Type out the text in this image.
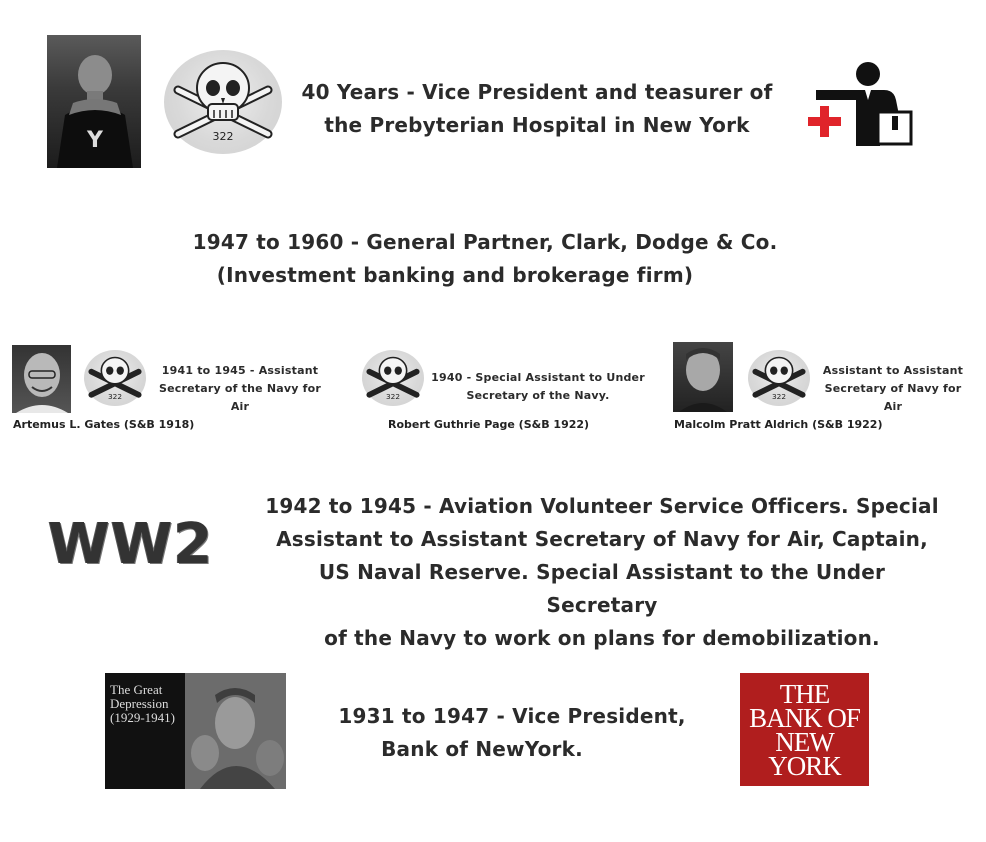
Y	322
40 Years - Vice President and teasurer of
the Prebyterian Hospital in New York
1947 to 1960 - General Partner, Clark, Dodge & Co.
(Investment banking and brokerage firm)
322
1941 to 1945 - Assistant
Secretary of the Navy for Air
Artemus L. Gates (S&B 1918)
322
1940 - Special Assistant to Under
Secretary of the Navy.
Robert Guthrie Page (S&B 1922)
322
Assistant to Assistant
Secretary of Navy for Air
Malcolm Pratt Aldrich (S&B 1922)
WW2
1942 to 1945 - Aviation Volunteer Service Officers. Special
Assistant to Assistant Secretary of Navy for Air, Captain,
US Naval Reserve. Special Assistant to the Under Secretary
of the Navy to work on plans for demobilization.
The Great
Depression
(1929-1941)	1931 to 1947 - Vice President,
Bank of NewYork.
THE
BANK OF
NEW
YORK
